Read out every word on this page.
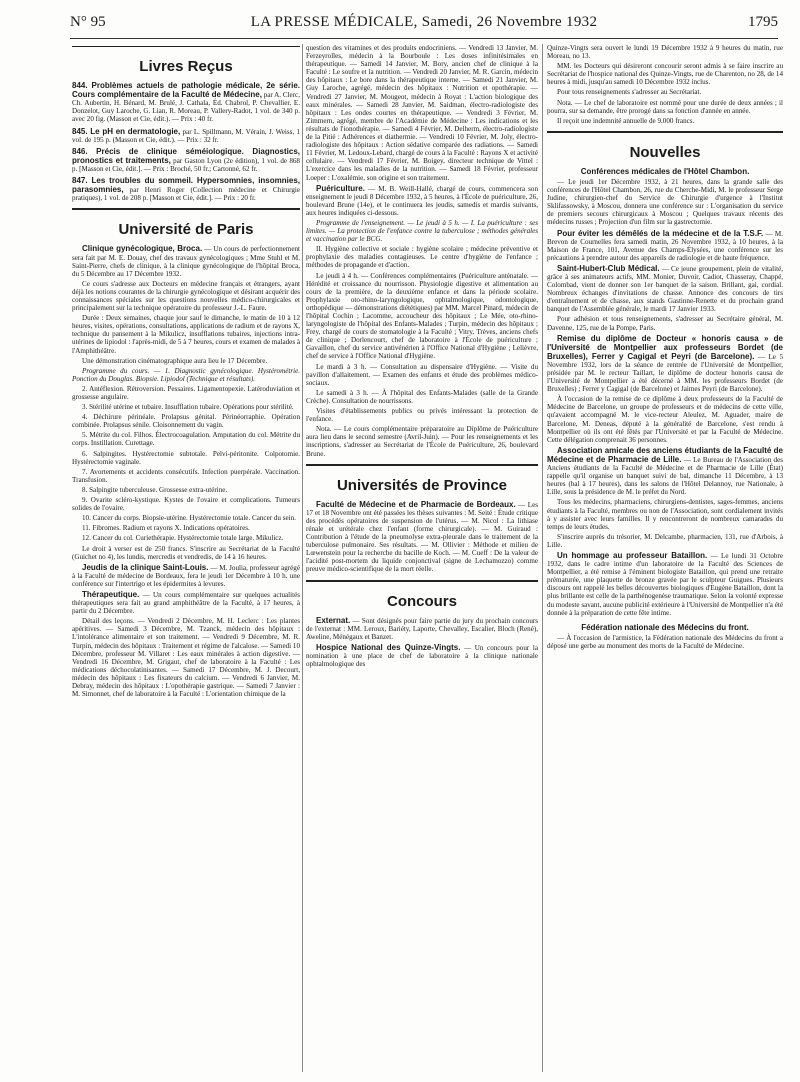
N° 95	LA PRESSE MÉDICALE, Samedi, 26 Novembre 1932	1795
Livres Reçus
844. Problèmes actuels de pathologie médicale, 2e série. Cours complémentaire de la Faculté de Médecine, par A. Clerc, Ch. Aubertin, H. Bénard, M. Brulé, J. Cathala, Éd. Chabrol, P. Chevallier, E. Donzelot, Guy Laroche, G. Lian, R. Moreau, P. Vallery-Radot, 1 vol. de 340 p. avec 20 fig. (Masson et Cie, édit.). — Prix : 40 fr.
845. Le pH en dermatologie, par L. Spillmann, M. Vérain, J. Weiss, 1 vol. de 195 p. (Masson et Cie, édit.). — Prix : 32 fr.
846. Précis de clinique séméiologique. Diagnostics, pronostics et traitements, par Gaston Lyon (2e édition), 1 vol. de 868 p. [Masson et Cie, édit.]. — Prix : Broché, 50 fr.; Cartonné, 62 fr.
847. Les troubles du sommeil. Hypersomnies, insomnies, parasomnies, par Henri Roger (Collection médecine et Chirurgie pratiques), 1 vol. de 208 p. [Masson et Cie, édit.]. — Prix : 20 fr.
Université de Paris

Clinique gynécologique, Broca. — Un cours de perfectionnement sera fait par M. E. Douay, chef des travaux gynécologiques ; Mme Stuhl et M. Saint-Pierre, chefs de clinique, à la clinique gynécologique de l'hôpital Broca, du 5 Décembre au 17 Décembre 1932.

Ce cours s'adresse aux Docteurs en médecine français et étrangers, ayant déjà les notions courantes de la chirurgie gynécologique et désirant acquérir des connaissances spéciales sur les questions nouvelles médico-chirurgicales et principalement sur la technique opératoire du professeur J.-L. Faure.

Durée : Deux semaines, chaque jour sauf le dimanche, le matin de 10 à 12 heures, visites, opérations, consultations, applications de radium et de rayons X, technique du pansement à la Mikulicz, insufflations tubaires, injections intra-utérines de lipiodol : l'après-midi, de 5 à 7 heures, cours et examen de malades à l'Amphithéâtre.

Une démonstration cinématographique aura lieu le 17 Décembre.

Programme du cours. — 1. Diagnostic gynécologique. Hystérométrie. Ponction du Douglas. Biopsie. Lipiodol (Technique et résultats).

2. Antéflexion. Rétroversion. Pessaires. Ligamentopexie. Latéroduviation et grossesse angulaire.

3. Stérilité utérine et tubaire. Insufflation tubaire. Opérations pour stérilité.

4. Déchirure périnéale. Prolapsus génital. Périnéorraphie. Opération combinée. Prolapsus sénile. Cloisonnement du vagin.

5. Métrite du col. Filhos. Électrocoagulation. Amputation du col. Métrite du corps. Instillation. Curettage.

6. Salpingites. Hystérectomie subtotale. Pelvi-péritonite. Colpotomie. Hystérectomie vaginale.

7. Avortements et accidents consécutifs. Infection puerpérale. Vaccination. Transfusion.

8. Salpingite tuberculeuse. Grossesse extra-utérine.

9. Ovarite scléro-kystique. Kystes de l'ovaire et complications. Tumeurs solides de l'ovaire.

10. Cancer du corps. Biopsie-utérine. Hystérectomie totale. Cancer du sein.

11. Fibromes. Radium et rayons X. Indications opératoires.

12. Cancer du col. Curiethérapie. Hystérectomie totale large. Mikulicz.

Le droit à verser est de 250 francs. S'inscrire au Secrétariat de la Faculté (Guichet no 4), les lundis, mercredis et vendredis, de 14 à 16 heures.

Jeudis de la clinique Saint-Louis. — M. Joulia, professeur agrégé à la Faculté de médecine de Bordeaux, fera le jeudi 1er Décembre à 10 h. une conférence sur l'intertrigo et les épidermites à levures.

Thérapeutique. — Un cours complémentaire sur quelques actualités thérapeutiques sera fait au grand amphithéâtre de la Faculté, à 17 heures, à partir du 2 Décembre.

Détail des leçons. — Vendredi 2 Décembre, M. H. Leclerc : Les plantes apéritives. — Samedi 3 Décembre, M. Tzanck, médecin des hôpitaux : L'intolérance alimentaire et son traitement. — Vendredi 9 Décembre, M. R. Turpin, médecin des hôpitaux : Traitement et régime de l'alcalose. — Samedi 10 Décembre, professeur M. Villaret : Les eaux minérales à action digestive. — Vendredi 16 Décembre, M. Grigaut, chef de laboratoire à la Faculté : Les médications déchocolatinisantes. — Samedi 17 Décembre, M. J. Decourt, médecin des hôpitaux : Les fixateurs du calcium. — Vendredi 6 Janvier, M. Debray, médecin des hôpitaux : L'opothérapie gastrique. — Samedi 7 Janvier : M. Simonnet, chef de laboratoire à la Faculté : L'orientation chimique de la

question des vitamines et des produits endocriniens. — Vendredi 13 Janvier, M. Ferzeyrolles, médecin à la Bourboule : Les doses infinitésimales en thérapeutique. — Samedi 14 Janvier, M. Bory, ancien chef de clinique à la Faculté : Le soufre et la nutrition. — Vendredi 20 Janvier, M. R. Garcin, médecin des hôpitaux : Le bore dans la thérapeutique interne. — Samedi 21 Janvier, M. Guy Laroche, agrégé, médecin des hôpitaux : Nutrition et opothérapie. — Vendredi 27 Janvier, M. Mougeot, médecin à Royat : L'action biologique des eaux minérales. — Samedi 28 Janvier, M. Saidman, électro-radiologiste des hôpitaux : Les ondes courtes en thérapeutique. — Vendredi 3 Février, M. Zimmern, agrégé, membre de l'Académie de Médecine : Les indications et les résultats de l'ionothérapie. — Samedi 4 Février, M. Delherm, électro-radiologiste de la Pitié : Adhérences et diathermie. — Vendredi 10 Février, M. Joly, électro-radiologiste des hôpitaux : Action sédative comparée des radiations. — Samedi 11 Février, M. Ledoux-Lebard, chargé de cours à la Faculté : Rayons X et activité cellulaire. — Vendredi 17 Février, M. Boigey, directeur technique de Vittel : L'exercice dans les maladies de la nutrition. — Samedi 18 Février, professeur Loeper : L'oxalémie, son origine et son traitement.

Puériculture. — M. B. Weill-Hallé, chargé de cours, commencera son enseignement le jeudi 8 Décembre 1932, à 5 heures, à l'École de puériculture, 26, boulevard Brune (14e), et le continuera les jeudis, samedis et mardis suivants, aux heures indiquées ci-dessous.

Programme de l'enseignement. — Le jeudi à 5 h. — I. La puériculture : ses limites. — La protection de l'enfance contre la tuberculose ; méthodes générales et vaccination par le BCG.

II. Hygiène collective et sociale : hygiène scolaire ; médecine préventive et prophylaxie des maladies contagieuses. Le centre d'hygiène de l'enfance ; méthodes de propagande et d'action.

Le jeudi à 4 h. — Conférences complémentaires (Puériculture anténatale. — Hérédité et croissance du nourrisson. Physiologie digestive et alimentation au cours de la première, de la deuxième enfance et dans la période scolaire. Prophylaxie oto-rhino-laryngologique, ophtalmologique, odontologique, orthopédique — démonstrations diététiques) par MM. Marcel Pinard, médecin de l'hôpital Cochin ; Lacomme, accoucheur des hôpitaux ; Le Mée, oto-rhino-laryngologiste de l'hôpital des Enfants-Malades ; Turpin, médecin des hôpitaux ; Frey, chargé de cours de stomatologie à la Faculté ; Vitry, Trèves, anciens chefs de clinique ; Dorlencourt, chef de laboratoire à l'École de puériculture ; Gavaillon, chef du service antivénérien à l'Office National d'Hygiène ; Lelièvre, chef de service à l'Office National d'Hygiène.

Le mardi à 3 h. — Consultation au dispensaire d'Hygiène. — Visite du pavillon d'allaitement. — Examen des enfants et étude des problèmes médico-sociaux.

Le samedi à 3 h. — À l'hôpital des Enfants-Malades (salle de la Grande Crèche). Consultation de nourrissons.

Visites d'établissements publics ou privés intéressant la protection de l'enfance.

Nota. — Le cours complémentaire préparatoire au Diplôme de Puériculture aura lieu dans le second semestre (Avril-Juin). — Pour les renseignements et les inscriptions, s'adresser au Secrétariat de l'École de Puériculture, 26, boulevard Brune.

Universités de Province

Faculté de Médecine et de Pharmacie de Bordeaux. — Les 17 et 18 Novembre ont été passées les thèses suivantes : M. Seité : Étude critique des procédés opératoires de suspension de l'utérus. — M. Nicol : La lithiase rénale et urétérale chez l'enfant (forme chirurgicale). — M. Guiraud : Contribution à l'étude de la pneumolyse extra-pleurale dans le traitement de la tuberculose pulmonaire. Ses résultats. — M. Ollivier : Méthode et milieu de Lœwenstein pour la recherche du bacille de Koch. — M. Cueff : De la valeur de l'acidité post-mortem du liquide conjonctival (signe de Lechamozzo) comme preuve médico-scientifique de la mort réelle.

Concours

Externat. — Sont désignés pour faire partie du jury du prochain concours de l'externat : MM. Leroux, Bariéty, Laporte, Chevalley, Escalier, Bloch (René), Aweline, Ménégaux et Banzet.

Hospice National des Quinze-Vingts. — Un concours pour la nomination à une place de chef de laboratoire à la clinique nationale ophtalmologique des

Quinze-Vingts sera ouvert le lundi 19 Décembre 1932 à 9 heures du matin, rue Moreau, no 13.

MM. les Docteurs qui désireront concourir seront admis à se faire inscrire au Secrétariat de l'hospice national des Quinze-Vingts, rue de Charenton, no 28, de 14 heures à midi, jusqu'au samedi 10 Décembre 1932 inclus.

Pour tous renseignements s'adresser au Secrétariat.

Nota. — Le chef de laboratoire est nommé pour une durée de deux années ; il pourra, sur sa demande, être prorogé dans sa fonction d'année en année.

Il reçoit une indemnité annuelle de 9.000 francs.

Nouvelles
Conférences médicales de l'Hôtel Chambon.

— Le jeudi 1er Décembre 1932, à 21 heures, dans la grande salle des conférences de l'Hôtel Chambon, 26, rue du Cherche-Midi, M. le professeur Serge Judine, chirurgien-chef du Service de Chirurgie d'urgence à l'Institut Sklifassowsky, à Moscou, donnera une conférence sur : L'organisation du service de premiers secours chirurgicaux à Moscou ; Quelques travaux récents des médecins russes ; Projection d'un film sur la gastrectomie.

Pour éviter les démêlés de la médecine et de la T.S.F. — M. Brevon de Cournelles fera samedi matin, 26 Novembre 1932, à 10 heures, à la Maison de France, 101, Avenue des Champs-Élysées, une conférence sur les précautions à prendre autour des appareils de radiologie et de haute fréquence.

Saint-Hubert-Club Médical. — Ce jeune groupement, plein de vitalité, grâce à ses animateurs actifs, MM. Monier, Duvoir, Cadiot, Chasseray, Chappé, Colombad, vient de donner son 1er banquet de la saison. Brillant, gai, cordial. Nombreux échanges d'invitations de chasse. Annonce des concours de tirs d'entraînement et de chasse, aux stands Gastinne-Renette et du prochain grand banquet de l'Assemblée générale, le mardi 17 Janvier 1933.

Pour adhésion et tous renseignements, s'adresser au Secrétaire général, M. Davenne, 125, rue de la Pompe, Paris.

Remise du diplôme de Docteur « honoris causa » de l'Université de Montpellier aux professeurs Bordet (de Bruxelles), Ferrer y Cagigal et Peyri (de Barcelone). — Le 5 Novembre 1932, lors de la séance de rentrée de l'Université de Montpellier, présidée par M. le recteur Taillart, le diplôme de docteur honoris causa de l'Université de Montpellier a été décerné à MM. les professeurs Bordet (de Bruxelles) ; Ferrer y Cagigal (de Barcelone) et Jaimes Peyri (de Barcelone).

À l'occasion de la remise de ce diplôme à deux professeurs de la Faculté de Médecine de Barcelone, un groupe de professeurs et de médecins de cette ville, qu'avaient accompagné M. le vice-recteur Aleulez, M. Aguader, maire de Barcelone, M. Deneas, député à la généralité de Barcelone, s'est rendu à Montpellier où ils ont été fêtés par l'Université et par la Faculté de Médecine. Cette délégation comprenait 36 personnes.

Association amicale des anciens étudiants de la Faculté de Médecine et de Pharmacie de Lille. — Le Bureau de l'Association des Anciens étudiants de la Faculté de Médecine et de Pharmacie de Lille (État) rappelle qu'il organise un banquet suivi de bal, dimanche 11 Décembre, à 13 heures (bal à 17 heures), dans les salons de l'Hôtel Delannoy, rue Nationale, à Lille, sous la présidence de M. le préfet du Nord.

Tous les médecins, pharmaciens, chirurgiens-dentistes, sages-femmes, anciens étudiants à la Faculté, membres ou non de l'Association, sont cordialement invités à y assister avec leurs familles. Il y rencontreront de nombreux camarades du temps de leurs études.

S'inscrire auprès du trésorier, M. Delcambe, pharmacien, 131, rue d'Arbois, à Lille.

Un hommage au professeur Bataillon. — Le lundi 31 Octobre 1932, dans le cadre intime d'un laboratoire de la Faculté des Sciences de Montpellier, a été remise à l'éminent biologiste Bataillon, qui prend une retraite prématurée, une plaquette de bronze gravée par le sculpteur Guigues. Plusieurs discours ont rappelé les belles découvertes biologiques d'Eugène Bataillon, dont la plus brillante est celle de la parthénogenèse traumatique. Selon la volonté expresse du modeste savant, aucune publicité extérieure à l'Université de Montpellier n'a été donnée à la préparation de cette fête intime.

Fédération nationale des Médecins du front.

— À l'occasion de l'armistice, la Fédération nationale des Médecins du front a déposé une gerbe au monument des morts de la Faculté de Médecine.
